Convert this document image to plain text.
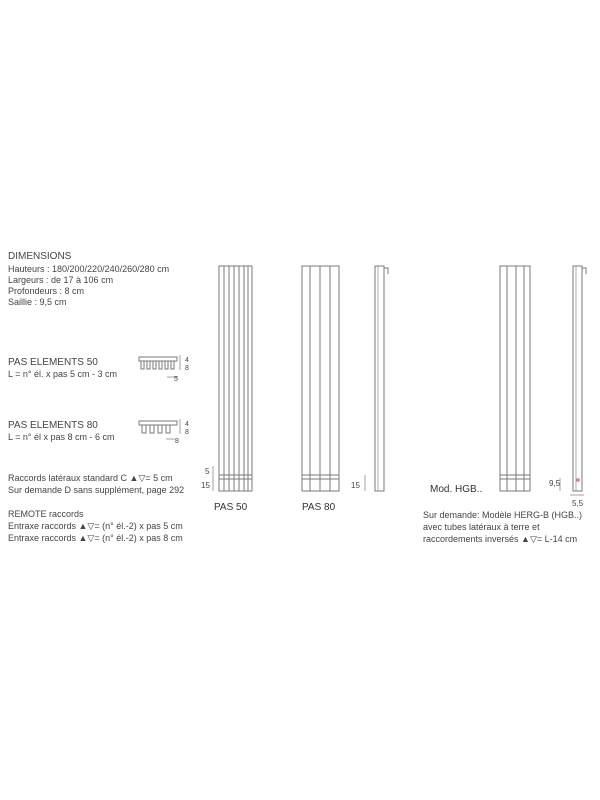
DIMENSIONS
Hauteurs : 180/200/220/240/260/280 cm
Largeurs : de 17 à 106 cm
Profondeurs : 8 cm
Saillie : 9,5 cm
PAS ELEMENTS 50
L = n° él. x pas 5 cm - 3 cm
PAS ELEMENTS 80
L = n° él x pas 8 cm - 6 cm
Raccords latéraux standard C ▲▽= 5 cm
Sur demande D sans supplément, page 292
REMOTE raccords
Entraxe raccords ▲▽= (n° él.-2) x pas 5 cm
Entraxe raccords ▲▽= (n° él.-2) x pas 8 cm
PAS 50	PAS 80
Mod. HGB..
Sur demande: Modèle HERG-B (HGB..)
avec tubes latéraux à terre et
raccordements inversés ▲▽= L-14 cm
4
8
5
4
8
8
5
15	15	9,5
5,5
